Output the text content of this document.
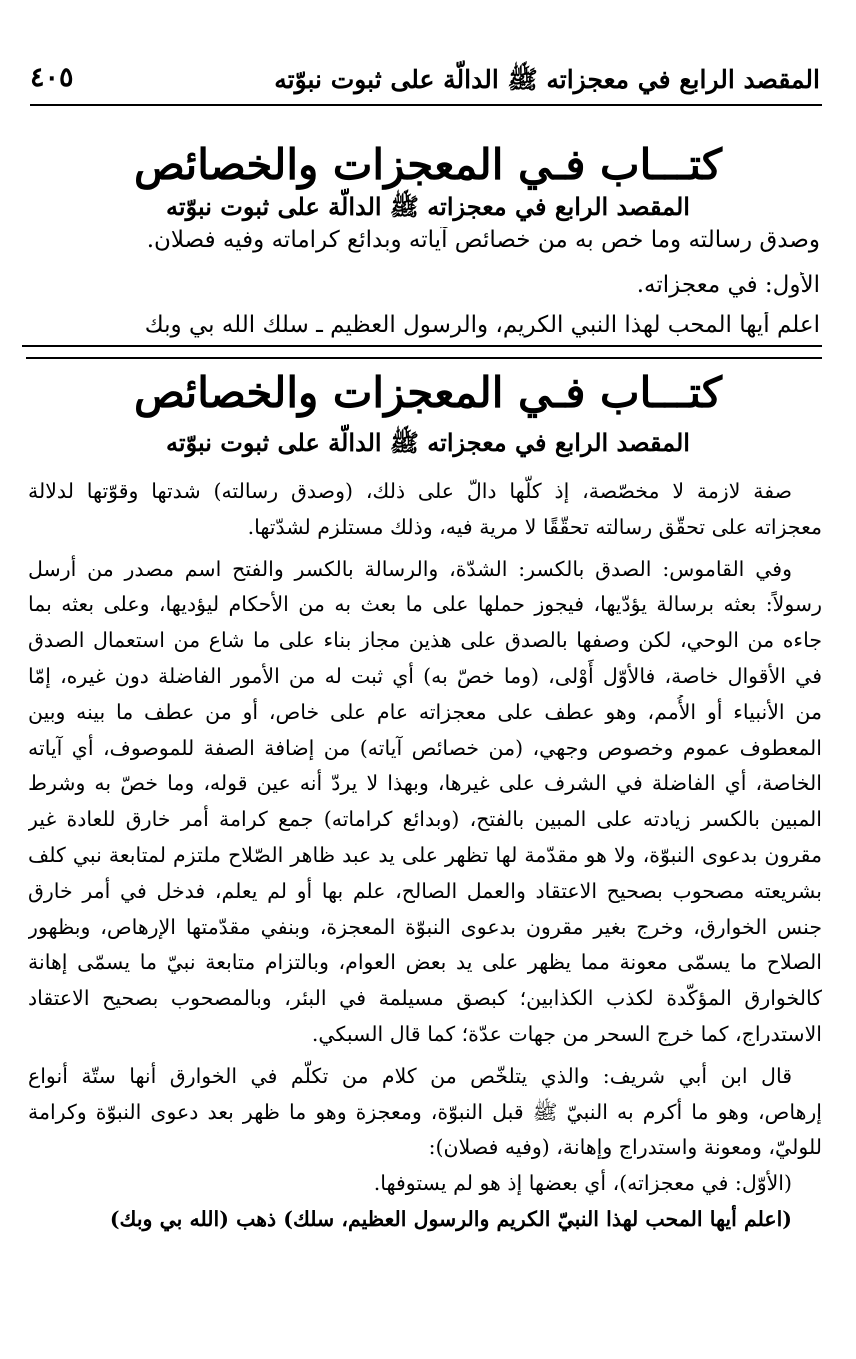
المقصد الرابع في معجزاته ﷺ الدالّة على ثبوت نبوّته
٤٠٥
كتـــاب فـي المعجزات والخصائص
المقصد الرابع في معجزاته ﷺ الدالّة على ثبوت نبوّته
وصدق رسالته وما خص به من خصائص آياته وبدائع كراماته وفيه فصلان.
الأول: في معجزاته.
اعلم أيها المحب لهذا النبي الكريم، والرسول العظيم ـ سلك الله بي وبك
كتـــاب فـي المعجزات والخصائص
المقصد الرابع في معجزاته ﷺ الدالّة على ثبوت نبوّته
صفة لازمة لا مخصّصة، إذ كلّها دالّ على ذلك، (وصدق رسالته) شدتها وقوّتها لدلالة
معجزاته على تحقّق رسالته تحقّقًا لا مرية فيه، وذلك مستلزم لشدّتها.
وفي القاموس: الصدق بالكسر: الشدّة، والرسالة بالكسر والفتح اسم مصدر من أرسل
رسولاً: بعثه برسالة يؤدّيها، فيجوز حملها على ما بعث به من الأحكام ليؤديها، وعلى بعثه بما
جاءه من الوحي، لكن وصفها بالصدق على هذين مجاز بناء على ما شاع من استعمال الصدق
في الأقوال خاصة، فالأوّل أَوْلى، (وما خصّ به) أي ثبت له من الأمور الفاضلة دون غيره، إمّا
من الأنبياء أو الأُمم، وهو عطف على معجزاته عام على خاص، أو من عطف ما بينه وبين
المعطوف عموم وخصوص وجهي، (من خصائص آياته) من إضافة الصفة للموصوف، أي آياته
الخاصة، أي الفاضلة في الشرف على غيرها، وبهذا لا يردّ أنه عين قوله، وما خصّ به وشرط
المبين بالكسر زيادته على المبين بالفتح، (وبدائع كراماته) جمع كرامة أمر خارق للعادة غير
مقرون بدعوى النبوّة، ولا هو مقدّمة لها تظهر على يد عبد ظاهر الصّلاح ملتزم لمتابعة نبي كلف
بشريعته مصحوب بصحيح الاعتقاد والعمل الصالح، علم بها أو لم يعلم، فدخل في أمر خارق
جنس الخوارق، وخرج بغير مقرون بدعوى النبوّة المعجزة، وبنفي مقدّمتها الإرهاص، وبظهور
الصلاح ما يسمّى معونة مما يظهر على يد بعض العوام، وبالتزام متابعة نبيّ ما يسمّى إهانة
كالخوارق المؤكّدة لكذب الكذابين؛ كبصق مسيلمة في البئر، وبالمصحوب بصحيح الاعتقاد
الاستدراج، كما خرج السحر من جهات عدّة؛ كما قال السبكي.
قال ابن أبي شريف: والذي يتلخّص من كلام من تكلّم في الخوارق أنها ستّة أنواع
إرهاص، وهو ما أكرم به النبيّ ﷺ قبل النبوّة، ومعجزة وهو ما ظهر بعد دعوى النبوّة وكرامة
للوليّ، ومعونة واستدراج وإهانة، (وفيه فصلان):
(الأوّل: في معجزاته)، أي بعضها إذ هو لم يستوفها.
(اعلم أيها المحب لهذا النبيّ الكريم والرسول العظيم، سلك) ذهب (الله بي وبك)
